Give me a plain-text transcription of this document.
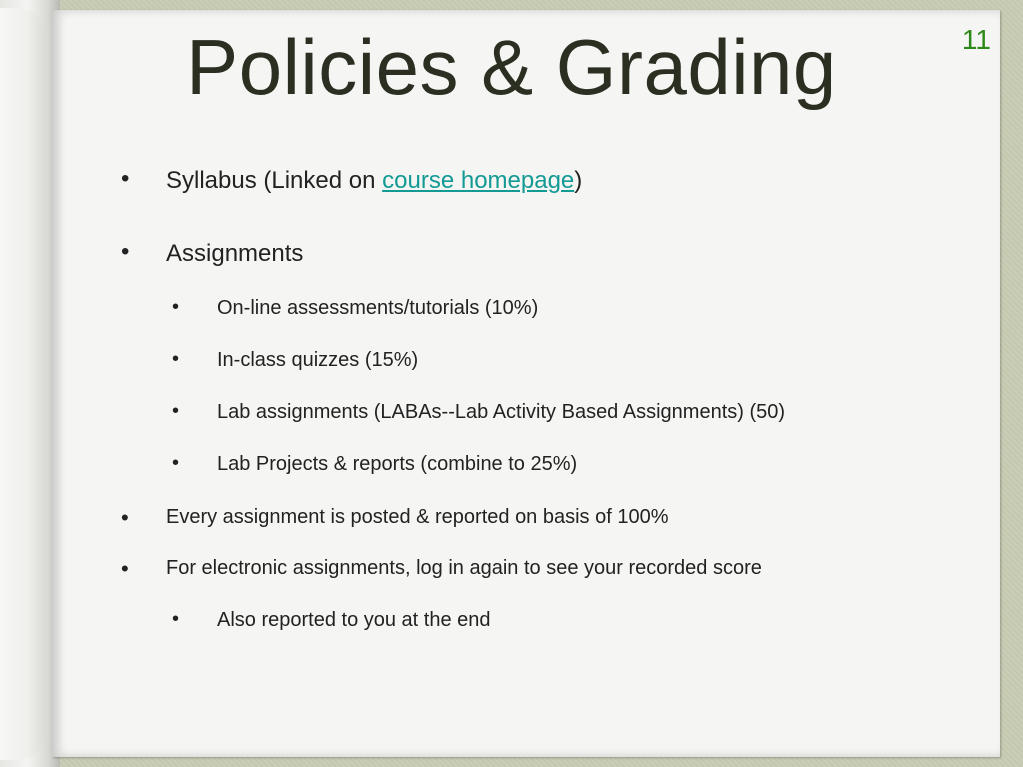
Policies & Grading	11
• Syllabus (Linked on course homepage)
• Assignments
• On-line assessments/tutorials (10%)
• In-class quizzes (15%)
• Lab assignments (LABAs--Lab Activity Based Assignments) (50)
• Lab Projects & reports (combine to 25%)
• Every assignment is posted & reported on basis of 100%
• For electronic assignments, log in again to see your recorded score
• Also reported to you at the end
